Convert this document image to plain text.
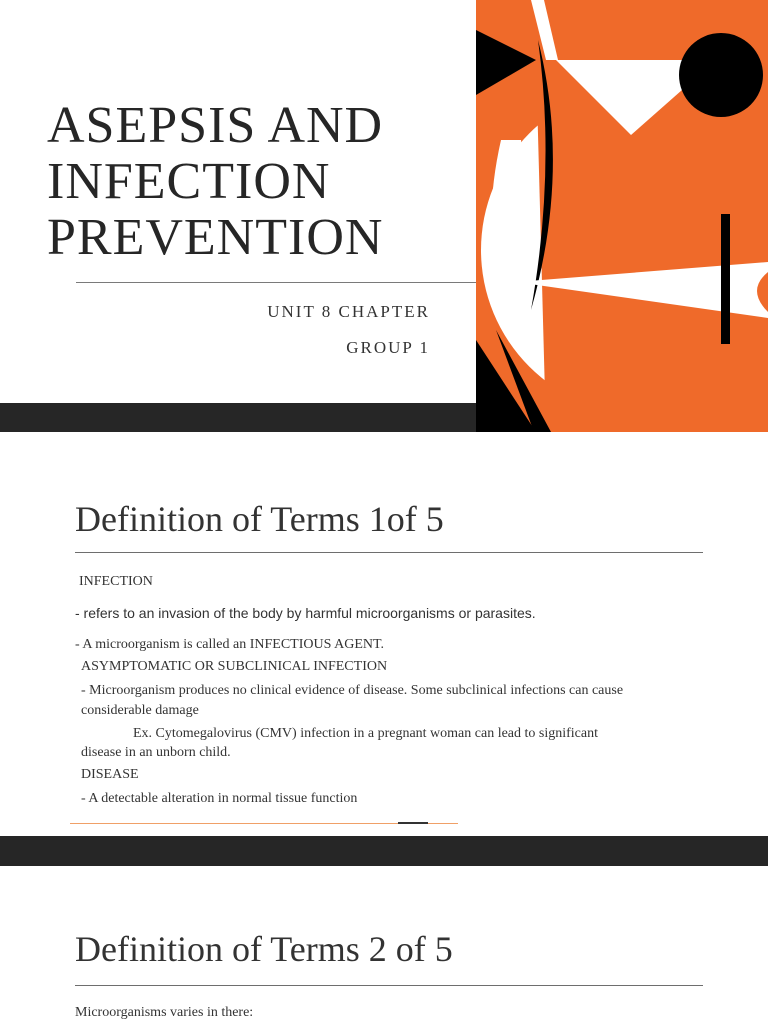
ASEPSIS AND
INFECTION
PREVENTION
UNIT 8 CHAPTER
GROUP 1
Definition of Terms 1of 5
INFECTION
- refers to an invasion of the body by harmful microorganisms or parasites.
- A microorganism is called an INFECTIOUS AGENT.
ASYMPTOMATIC OR SUBCLINICAL INFECTION
- Microorganism produces no clinical evidence of disease. Some subclinical infections can cause
considerable damage
Ex. Cytomegalovirus (CMV) infection in a pregnant woman can lead to significant
disease in an unborn child.
DISEASE
- A detectable alteration in normal tissue function
Definition of Terms 2 of 5
Microorganisms varies in there:
